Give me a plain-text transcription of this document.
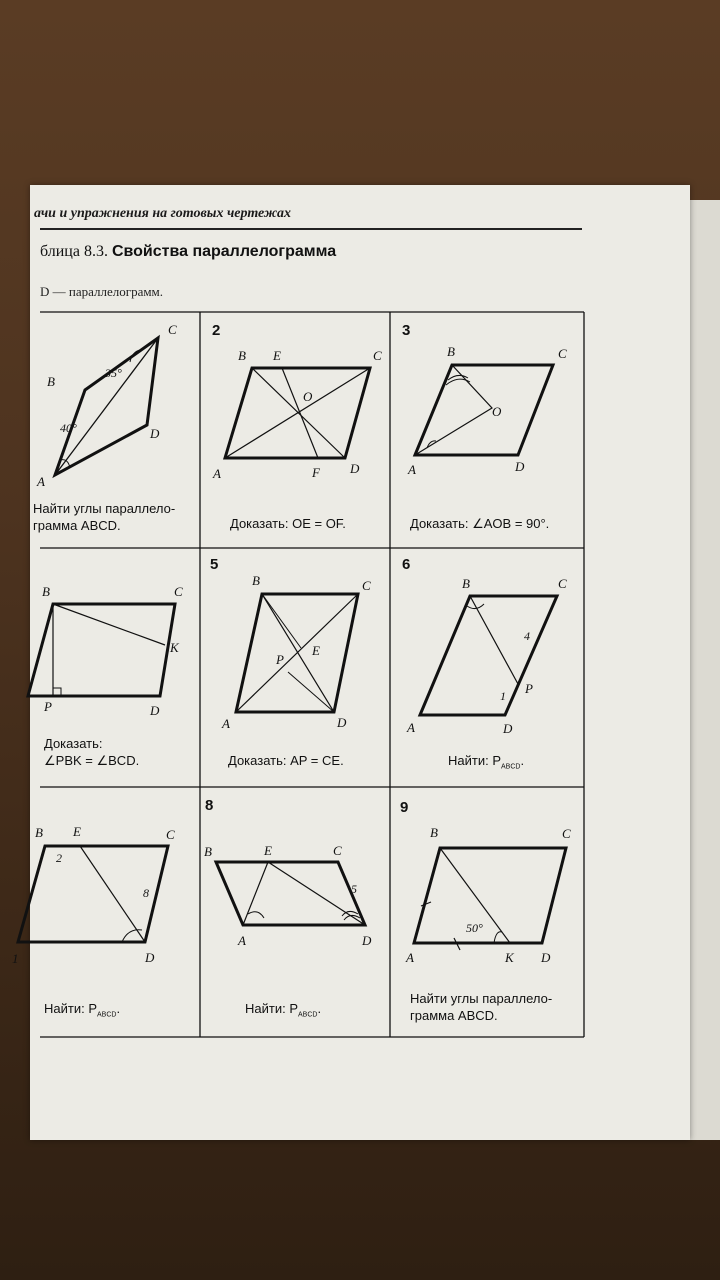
ачи и упражнения на готовых чертежах
блица 8.3. Свойства параллелограмма
D — параллелограмм.
C
B
D
A
35°
40°
B E	C
O
A	F D
B	C
O
A	D
B	C
K
P	D
B	C
E
P
A	D
B	C
4
1 P
A	D
B E	C
2
8
1	D
B	E	C
5
A	D
B	C
50°
A	K D
2	3
5	6
8	9
Найти углы параллело-
грамма ABCD.	Доказать: OE = OF.	Доказать: ∠AOB = 90°.
Доказать:
∠PBK = ∠BCD.	Доказать: AP = CE.	Найти: $P_{ABCD}$.
Найти: $P_{ABCD}$.	Найти: $P_{ABCD}$.
Найти углы параллело-
грамма ABCD.
